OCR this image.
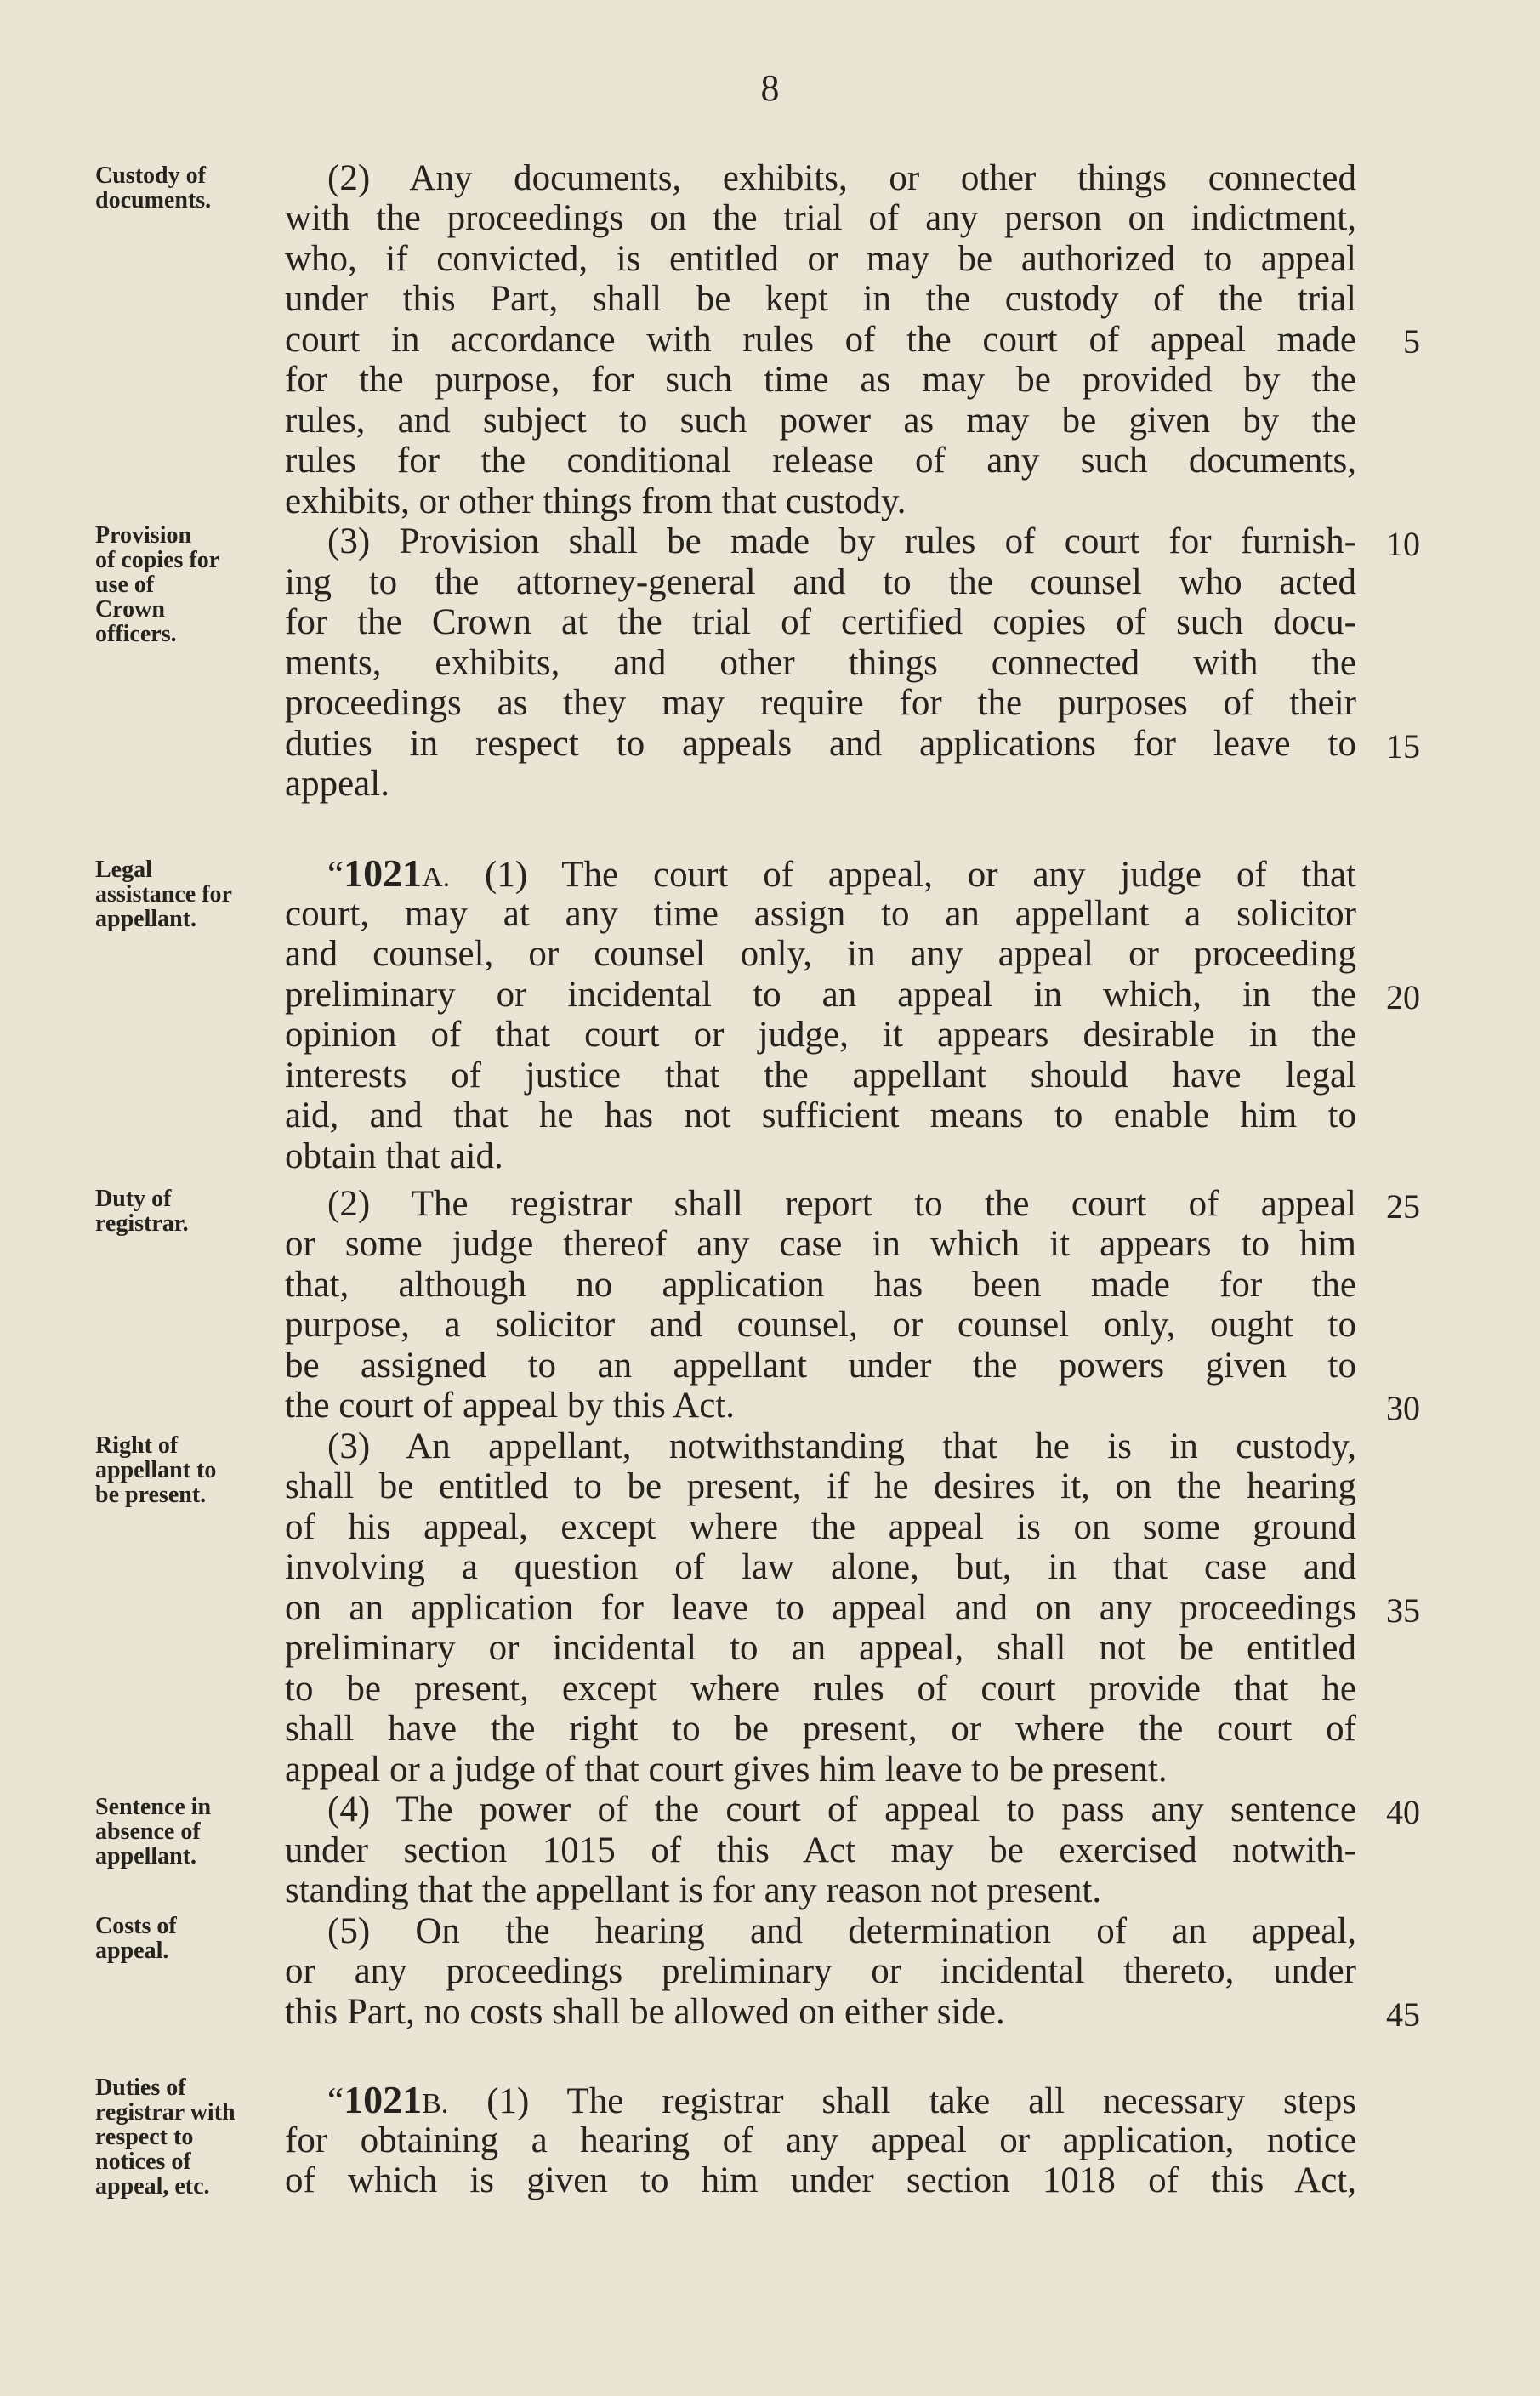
8
Custody of
documents.
Provision
of copies for
use of
Crown
officers.
Legal
assistance for
appellant.
Duty of
registrar.
Right of
appellant to
be present.
Sentence in
absence of
appellant.
Costs of
appeal.
Duties of
registrar with
respect to
notices of
appeal, etc.
(2) Any documents, exhibits, or other things connected
with the proceedings on the trial of any person on indictment,
who, if convicted, is entitled or may be authorized to appeal
under this Part, shall be kept in the custody of the trial
court in accordance with rules of the court of appeal made
for the purpose, for such time as may be provided by the
rules, and subject to such power as may be given by the
rules for the conditional release of any such documents,
exhibits, or other things from that custody.
(3) Provision shall be made by rules of court for furnish-
ing to the attorney-general and to the counsel who acted
for the Crown at the trial of certified copies of such docu-
ments, exhibits, and other things connected with the
proceedings as they may require for the purposes of their
duties in respect to appeals and applications for leave to
appeal.
“1021A. (1) The court of appeal, or any judge of that
court, may at any time assign to an appellant a solicitor
and counsel, or counsel only, in any appeal or proceeding
preliminary or incidental to an appeal in which, in the
opinion of that court or judge, it appears desirable in the
interests of justice that the appellant should have legal
aid, and that he has not sufficient means to enable him to
obtain that aid.
(2) The registrar shall report to the court of appeal
or some judge thereof any case in which it appears to him
that, although no application has been made for the
purpose, a solicitor and counsel, or counsel only, ought to
be assigned to an appellant under the powers given to
the court of appeal by this Act.
(3) An appellant, notwithstanding that he is in custody,
shall be entitled to be present, if he desires it, on the hearing
of his appeal, except where the appeal is on some ground
involving a question of law alone, but, in that case and
on an application for leave to appeal and on any proceedings
preliminary or incidental to an appeal, shall not be entitled
to be present, except where rules of court provide that he
shall have the right to be present, or where the court of
appeal or a judge of that court gives him leave to be present.
(4) The power of the court of appeal to pass any sentence
under section 1015 of this Act may be exercised notwith-
standing that the appellant is for any reason not present.
(5) On the hearing and determination of an appeal,
or any proceedings preliminary or incidental thereto, under
this Part, no costs shall be allowed on either side.
“1021B. (1) The registrar shall take all necessary steps
for obtaining a hearing of any appeal or application, notice
of which is given to him under section 1018 of this Act,
5
10
15
20
25
30
35
40
45
